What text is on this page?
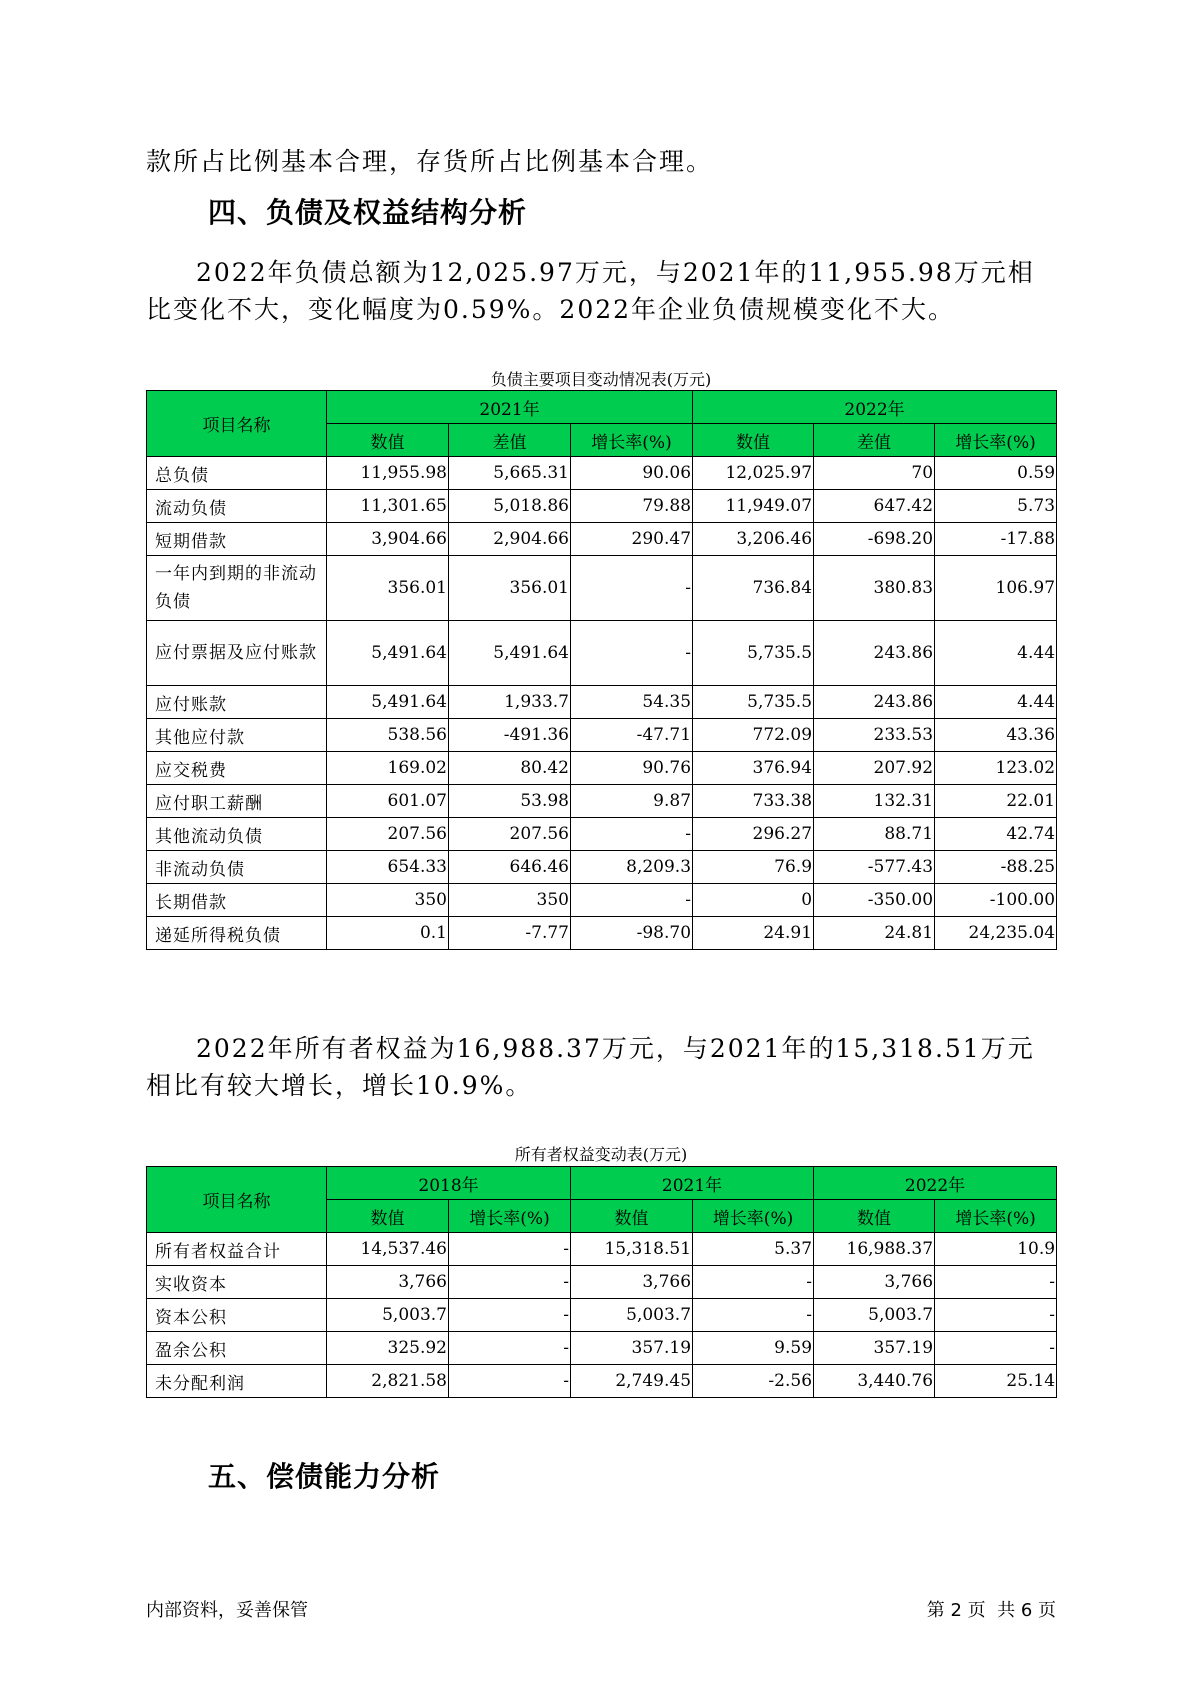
款所占比例基本合理，存货所占比例基本合理。

四、负债及权益结构分析

2022年负债总额为12,025.97万元，与2021年的11,955.98万元相比变化不大，变化幅度为0.59%。2022年企业负债规模变化不大。

负债主要项目变动情况表(万元)
项目名称	2021年			2022年		
	数值	差值	增长率(%)	数值	差值	增长率(%)
总负债	11,955.98	5,665.31	90.06	12,025.97	70	0.59
流动负债	11,301.65	5,018.86	79.88	11,949.07	647.42	5.73
短期借款	3,904.66	2,904.66	290.47	3,206.46	-698.20	-17.88
一年内到期的非流动负债	356.01	356.01	-	736.84	380.83	106.97
应付票据及应付账款	5,491.64	5,491.64	-	5,735.5	243.86	4.44
应付账款	5,491.64	1,933.7	54.35	5,735.5	243.86	4.44
其他应付款	538.56	-491.36	-47.71	772.09	233.53	43.36
应交税费	169.02	80.42	90.76	376.94	207.92	123.02
应付职工薪酬	601.07	53.98	9.87	733.38	132.31	22.01
其他流动负债	207.56	207.56	-	296.27	88.71	42.74
非流动负债	654.33	646.46	8,209.3	76.9	-577.43	-88.25
长期借款	350	350	-	0	-350.00	-100.00
递延所得税负债	0.1	-7.77	-98.70	24.91	24.81	24,235.04

2022年所有者权益为16,988.37万元，与2021年的15,318.51万元相比有较大增长，增长10.9%。

所有者权益变动表(万元)
项目名称	2018年		2021年		2022年	
	数值	增长率(%)	数值	增长率(%)	数值	增长率(%)
所有者权益合计	14,537.46	-	15,318.51	5.37	16,988.37	10.9
实收资本	3,766	-	3,766	-	3,766	-
资本公积	5,003.7	-	5,003.7	-	5,003.7	-
盈余公积	325.92	-	357.19	9.59	357.19	-
未分配利润	2,821.58	-	2,749.45	-2.56	3,440.76	25.14
五、偿债能力分析
内部资料，妥善保管	第 2 页  共 6 页
